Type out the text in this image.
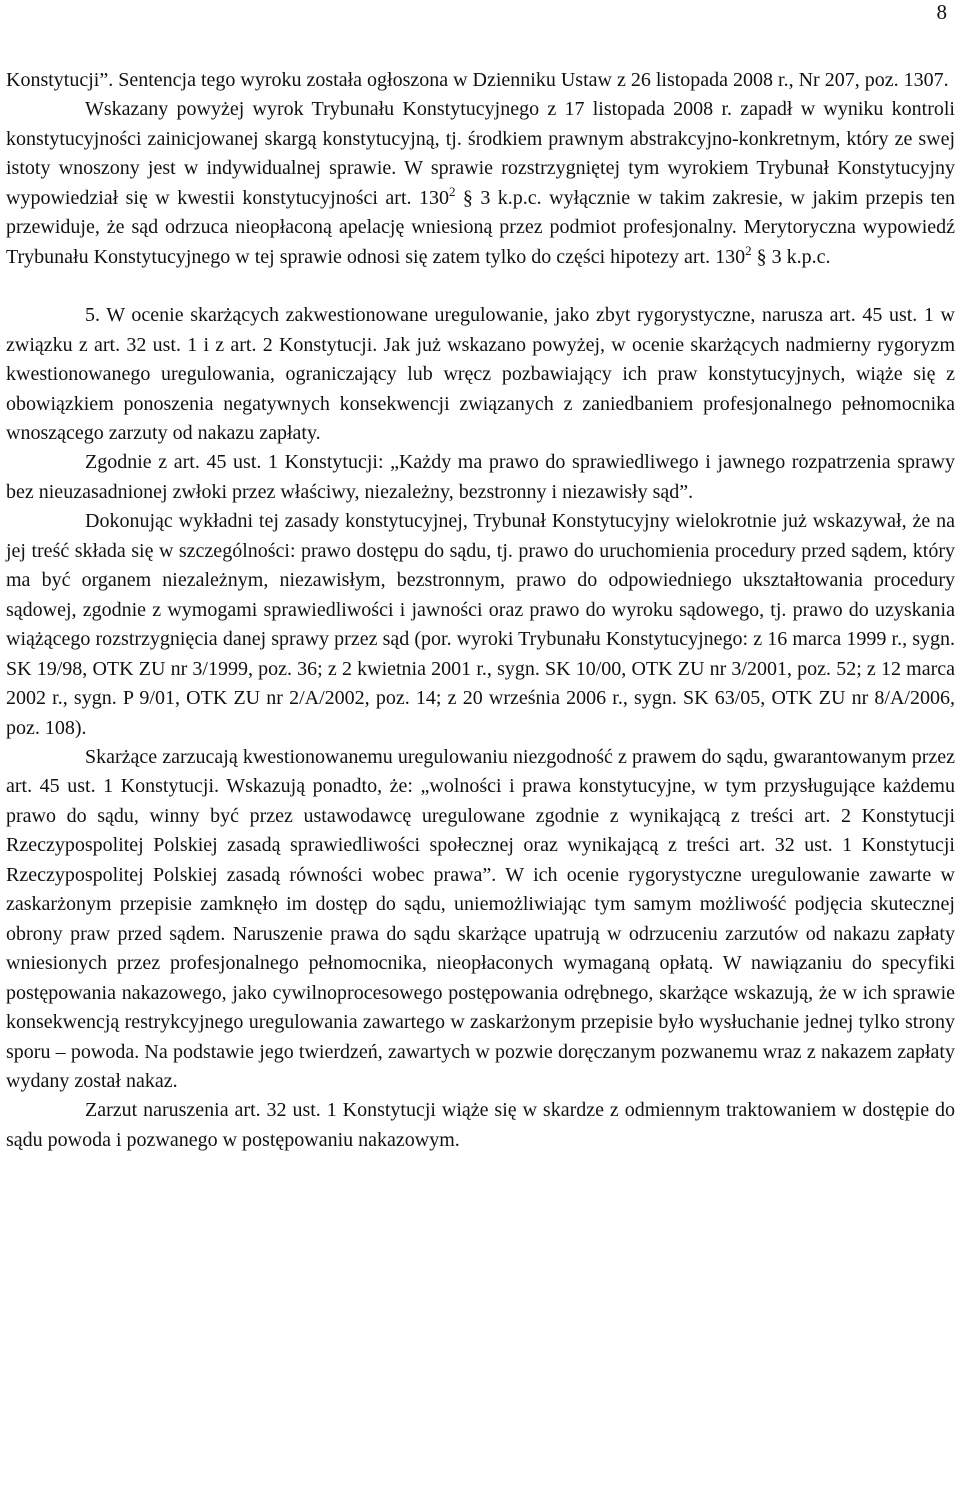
8

Konstytucji”. Sentencja tego wyroku została ogłoszona w Dzienniku Ustaw z 26 listopada 2008 r., Nr 207, poz. 1307.

Wskazany powyżej wyrok Trybunału Konstytucyjnego z 17 listopada 2008 r. zapadł w wyniku kontroli konstytucyjności zainicjowanej skargą konstytucyjną, tj. środkiem prawnym abstrakcyjno-konkretnym, który ze swej istoty wnoszony jest w indywidualnej sprawie. W sprawie rozstrzygniętej tym wyrokiem Trybunał Konstytucyjny wypowiedział się w kwestii konstytucyjności art. $130^2$ § 3 k.p.c. wyłącznie w takim zakresie, w jakim przepis ten przewiduje, że sąd odrzuca nieopłaconą apelację wniesioną przez podmiot profesjonalny. Merytoryczna wypowiedź Trybunału Konstytucyjnego w tej sprawie odnosi się zatem tylko do części hipotezy art. $130^2$ § 3 k.p.c.

5. W ocenie skarżących zakwestionowane uregulowanie, jako zbyt rygorystyczne, narusza art. 45 ust. 1 w związku z art. 32 ust. 1 i z art. 2 Konstytucji. Jak już wskazano powyżej, w ocenie skarżących nadmierny rygoryzm kwestionowanego uregulowania, ograniczający lub wręcz pozbawiający ich praw konstytucyjnych, wiąże się z obowiązkiem ponoszenia negatywnych konsekwencji związanych z zaniedbaniem profesjonalnego pełnomocnika wnoszącego zarzuty od nakazu zapłaty.

Zgodnie z art. 45 ust. 1 Konstytucji: „Każdy ma prawo do sprawiedliwego i jawnego rozpatrzenia sprawy bez nieuzasadnionej zwłoki przez właściwy, niezależny, bezstronny i niezawisły sąd”.

Dokonując wykładni tej zasady konstytucyjnej, Trybunał Konstytucyjny wielokrotnie już wskazywał, że na jej treść składa się w szczególności: prawo dostępu do sądu, tj. prawo do uruchomienia procedury przed sądem, który ma być organem niezależnym, niezawisłym, bezstronnym, prawo do odpowiedniego ukształtowania procedury sądowej, zgodnie z wymogami sprawiedliwości i jawności oraz prawo do wyroku sądowego, tj. prawo do uzyskania wiążącego rozstrzygnięcia danej sprawy przez sąd (por. wyroki Trybunału Konstytucyjnego: z 16 marca 1999 r., sygn. SK 19/98, OTK ZU nr 3/1999, poz. 36; z 2 kwietnia 2001 r., sygn. SK 10/00, OTK ZU nr 3/2001, poz. 52; z 12 marca 2002 r., sygn. P 9/01, OTK ZU nr 2/A/2002, poz. 14; z 20 września 2006 r., sygn. SK 63/05, OTK ZU nr 8/A/2006, poz. 108).

Skarżące zarzucają kwestionowanemu uregulowaniu niezgodność z prawem do sądu, gwarantowanym przez art. 45 ust. 1 Konstytucji. Wskazują ponadto, że: „wolności i prawa konstytucyjne, w tym przysługujące każdemu prawo do sądu, winny być przez ustawodawcę uregulowane zgodnie z wynikającą z treści art. 2 Konstytucji Rzeczypospolitej Polskiej zasadą sprawiedliwości społecznej oraz wynikającą z treści art. 32 ust. 1 Konstytucji Rzeczypospolitej Polskiej zasadą równości wobec prawa”. W ich ocenie rygorystyczne uregulowanie zawarte w zaskarżonym przepisie zamknęło im dostęp do sądu, uniemożliwiając tym samym możliwość podjęcia skutecznej obrony praw przed sądem. Naruszenie prawa do sądu skarżące upatrują w odrzuceniu zarzutów od nakazu zapłaty wniesionych przez profesjonalnego pełnomocnika, nieopłaconych wymaganą opłatą. W nawiązaniu do specyfiki postępowania nakazowego, jako cywilnoprocesowego postępowania odrębnego, skarżące wskazują, że w ich sprawie konsekwencją restrykcyjnego uregulowania zawartego w zaskarżonym przepisie było wysłuchanie jednej tylko strony sporu – powoda. Na podstawie jego twierdzeń, zawartych w pozwie doręczanym pozwanemu wraz z nakazem zapłaty wydany został nakaz.

Zarzut naruszenia art. 32 ust. 1 Konstytucji wiąże się w skardze z odmiennym traktowaniem w dostępie do sądu powoda i pozwanego w postępowaniu nakazowym.
